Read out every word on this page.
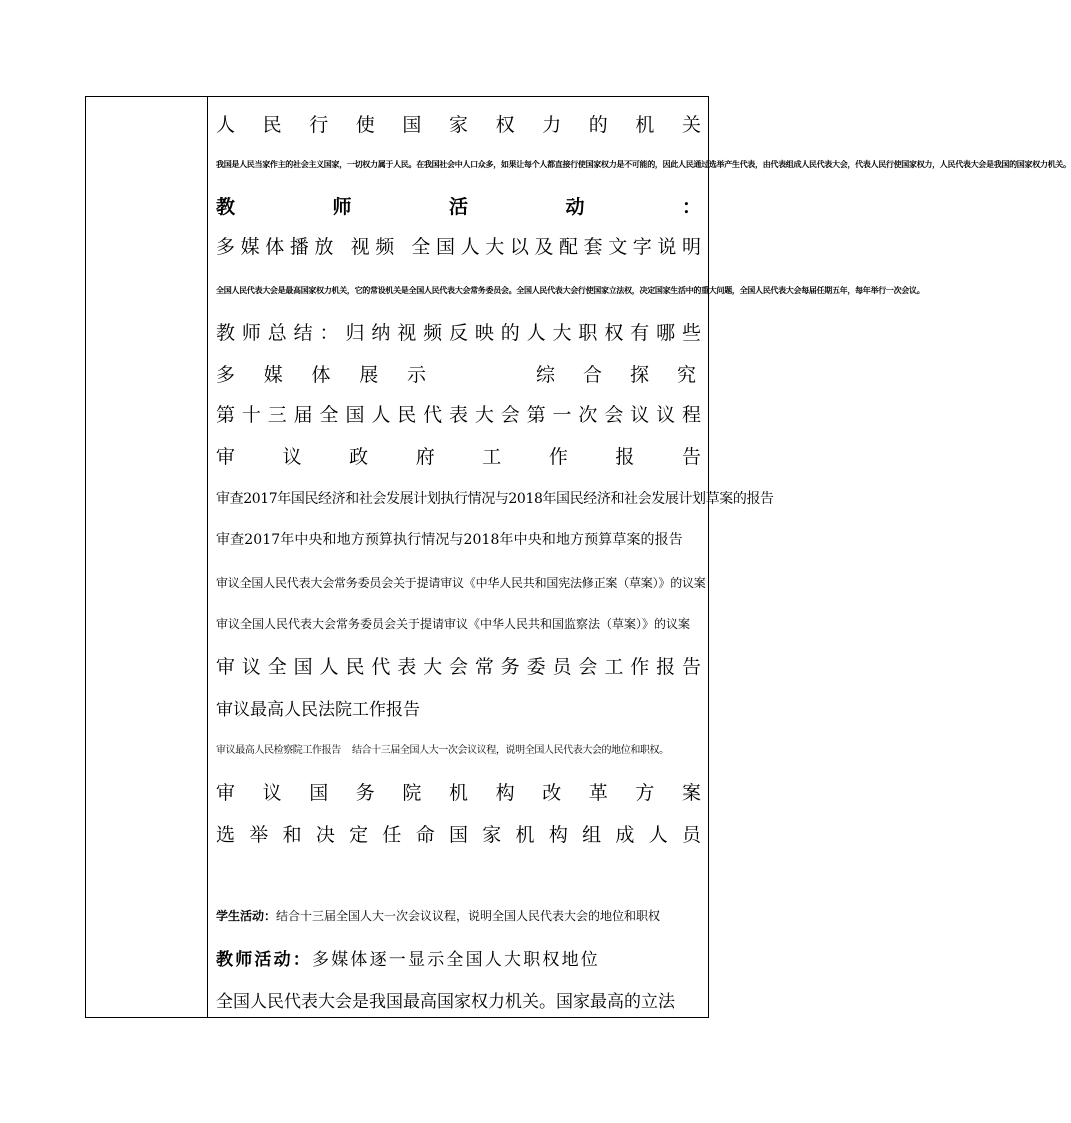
人民行使国家权力的机关
我国是人民当家作主的社会主义国家，一切权力属于人民。在我国社会中人口众多，如果让每个人都直接行使国家权力是不可能的，因此人民通过选举产生代表，由代表组成人民代表大会，代表人民行使国家权力，人民代表大会是我国的国家权力机关。
教师活动：
多媒体播放 视频 全国人大以及配套文字说明
全国人民代表大会是最高国家权力机关，它的常设机关是全国人民代表大会常务委员会。全国人民代表大会行使国家立法权，决定国家生活中的重大问题，全国人民代表大会每届任期五年，每年举行一次会议。
教师总结：归纳视频反映的人大职权有哪些
多媒体展示	综合探究
第十三届全国人民代表大会第一次会议议程
审议政府工作报告
审查2017年国民经济和社会发展计划执行情况与2018年国民经济和社会发展计划草案的报告
审查2017年中央和地方预算执行情况与2018年中央和地方预算草案的报告
审议全国人民代表大会常务委员会关于提请审议《中华人民共和国宪法修正案（草案）》的议案
审议全国人民代表大会常务委员会关于提请审议《中华人民共和国监察法（草案）》的议案
审议全国人民代表大会常务委员会工作报告
审议最高人民法院工作报告
审议最高人民检察院工作报告 结合十三届全国人大一次会议议程，说明全国人民代表大会的地位和职权。
审议国务院机构改革方案
选举和决定任命国家机构组成人员
学生活动：结合十三届全国人大一次会议议程，说明全国人民代表大会的地位和职权
教师活动：多媒体逐一显示全国人大职权地位
全国人民代表大会是我国最高国家权力机关。国家最高的立法
